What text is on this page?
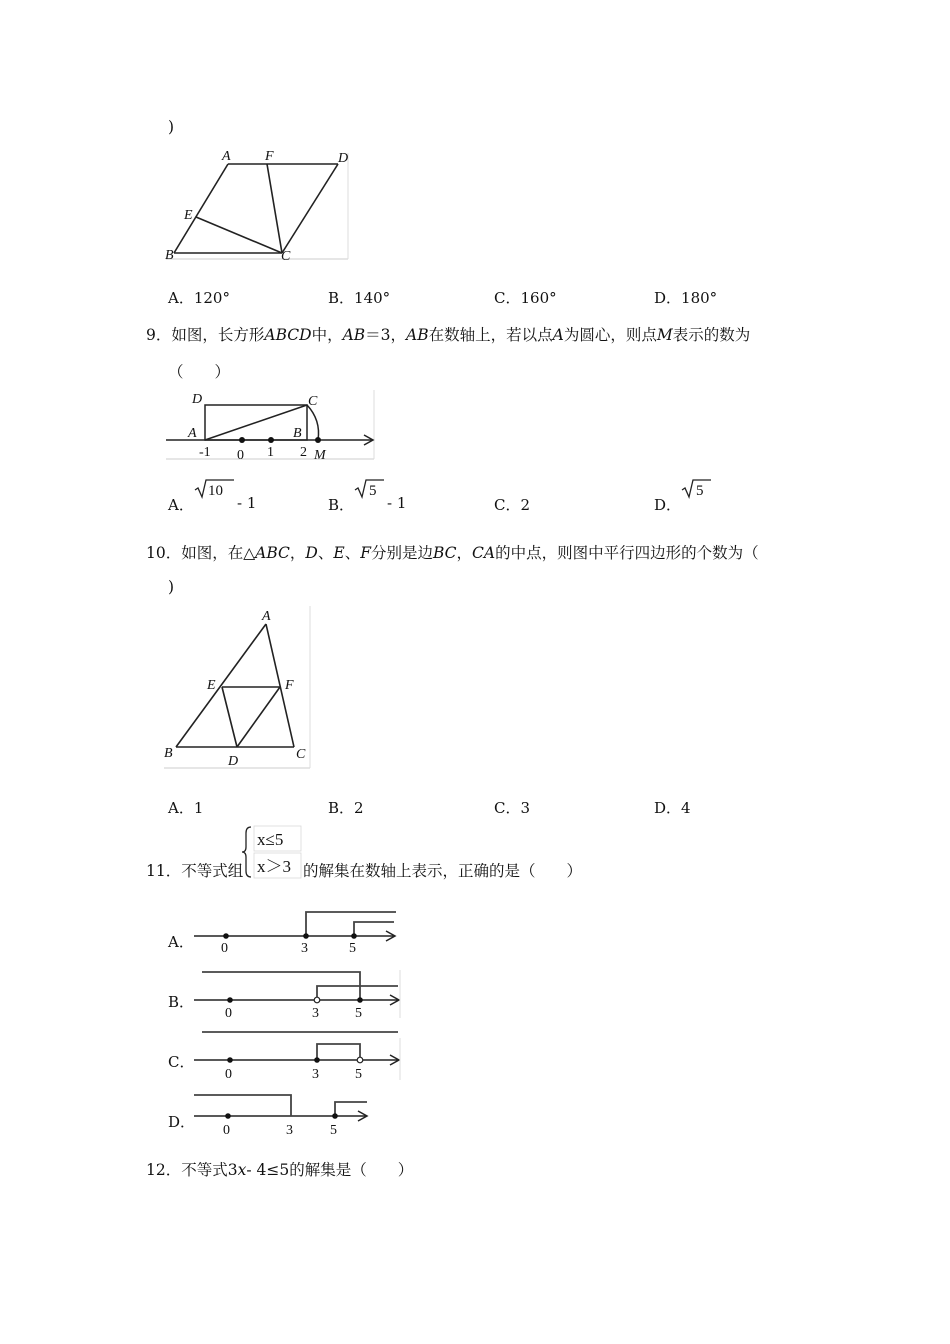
)
A F	D
E
B	C
A．120°	B．140°	C．160°	D．180°
9．如图，长方形ABCD中，AB＝3，AB在数轴上，若以点A为圆心，则点M表示的数为
（　　）
D	C
A	B
M
-1 0 1 2
A．
10
- 1	B．
5
- 1	C．2	D．
5
10．如图，在△ABC，D、E、F分别是边BC，CA的中点，则图中平行四边形的个数为（
)
A
E	F
B
D	C
A．1	B．2	C．3	D．4
11．不等式组
x≤5
x＞3 的解集在数轴上表示，正确的是（　　）
A． 0	3	5
B．
0	3	5
C．
0	3	5
D． 0	3	5
12．不等式3x- 4≤5的解集是（　　）
